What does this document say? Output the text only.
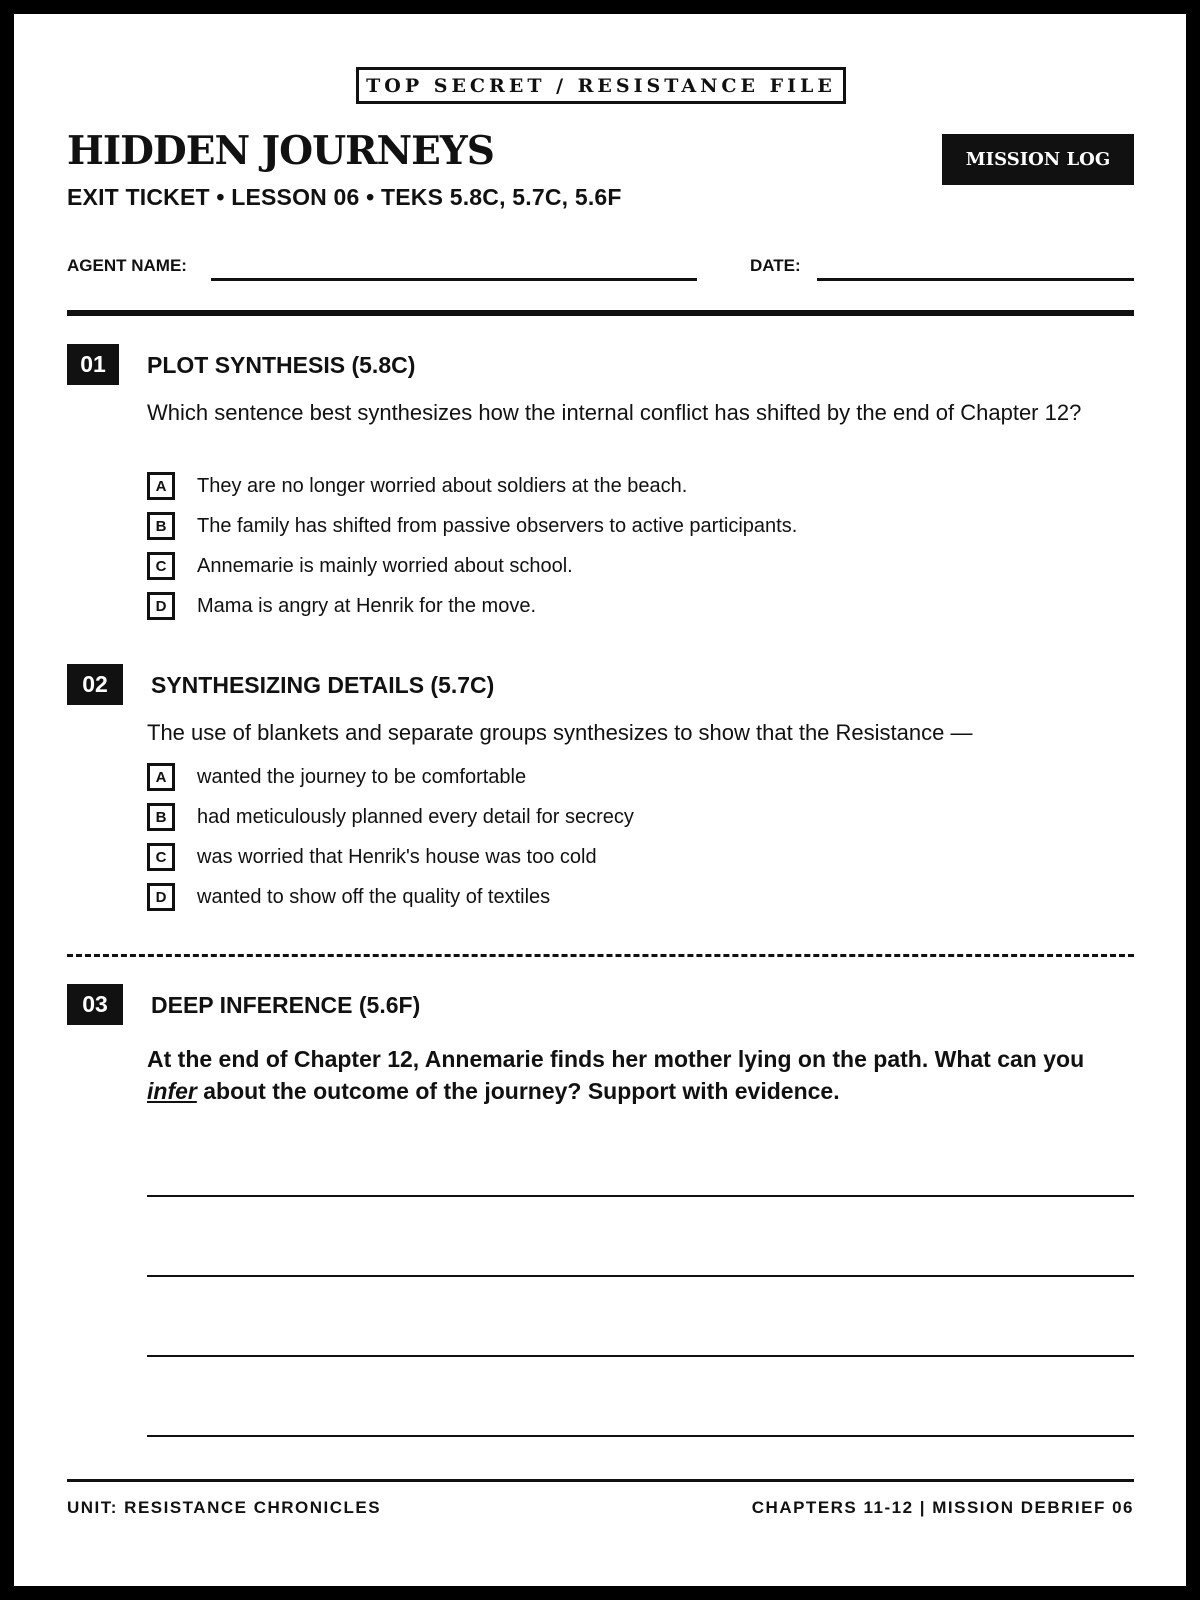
TOP SECRET / RESISTANCE FILE
HIDDEN JOURNEYS
EXIT TICKET • LESSON 06 • TEKS 5.8C, 5.7C, 5.6F
MISSION LOG
AGENT NAME:	DATE:
01	PLOT SYNTHESIS (5.8C)
Which sentence best synthesizes how the internal conflict has shifted by the end of Chapter 12?
A	They are no longer worried about soldiers at the beach.
B	The family has shifted from passive observers to active participants.
C	Annemarie is mainly worried about school.
D	Mama is angry at Henrik for the move.
02	SYNTHESIZING DETAILS (5.7C)
The use of blankets and separate groups synthesizes to show that the Resistance —
A	wanted the journey to be comfortable
B	had meticulously planned every detail for secrecy
C	was worried that Henrik's house was too cold
D	wanted to show off the quality of textiles
03	DEEP INFERENCE (5.6F)
At the end of Chapter 12, Annemarie finds her mother lying on the path. What can you infer about the outcome of the journey? Support with evidence.
UNIT: RESISTANCE CHRONICLES	CHAPTERS 11-12 | MISSION DEBRIEF 06
